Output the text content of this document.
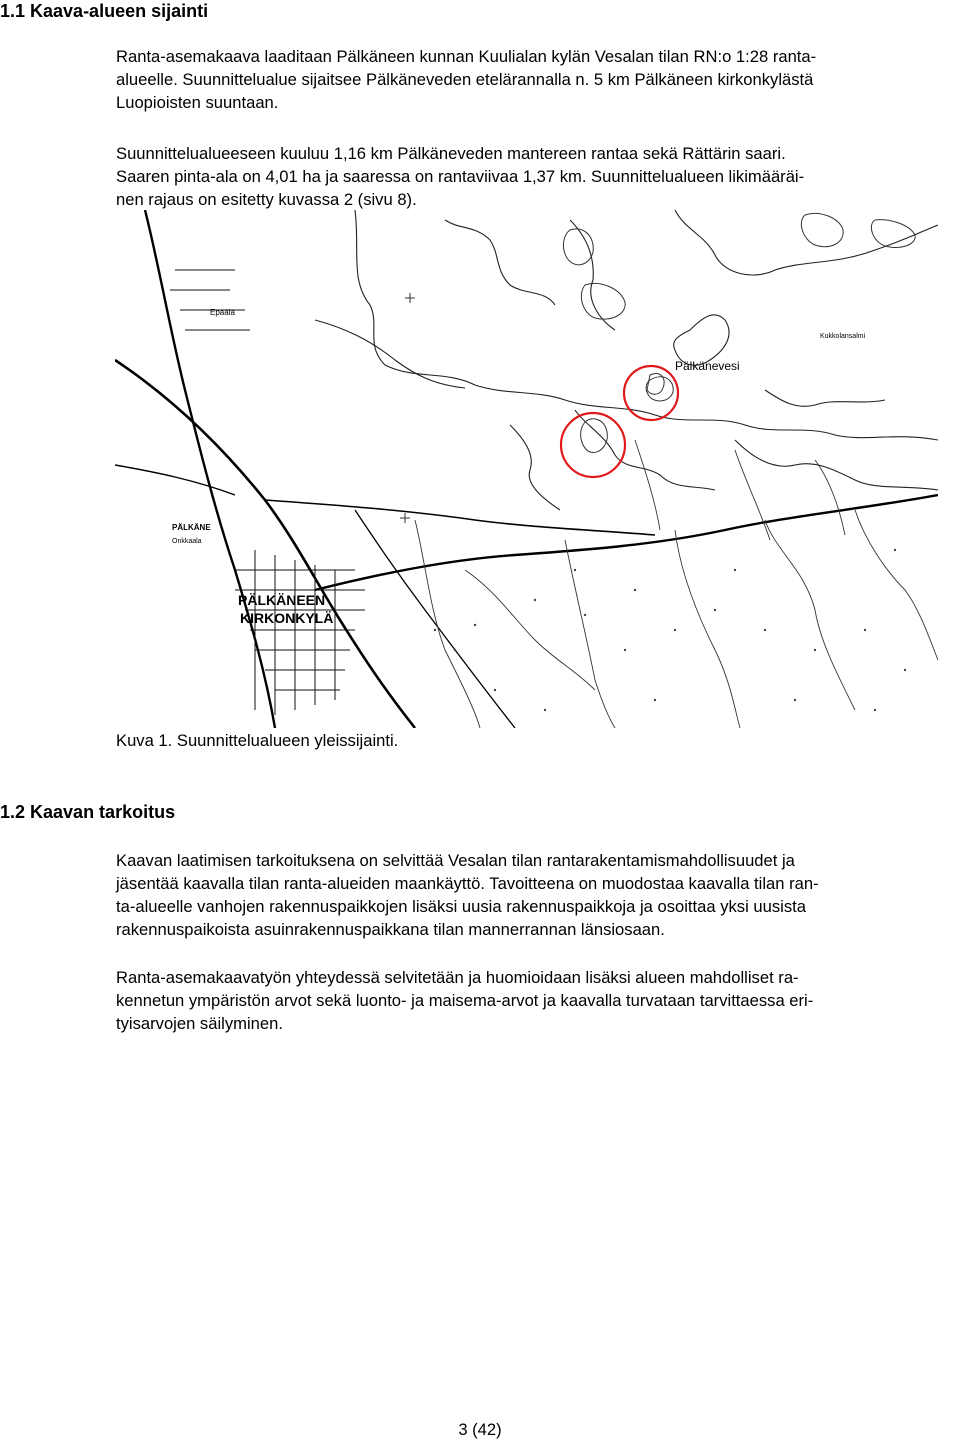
1.1 Kaava-alueen sijainti

Ranta-asemakaava laaditaan Pälkäneen kunnan Kuulialan kylän Vesalan tilan RN:o 1:28 ranta-
alueelle. Suunnittelualue sijaitsee Pälkäneveden etelärannalla n. 5 km Pälkäneen kirkonkylästä
Luopioisten suuntaan.

Suunnittelualueeseen kuuluu 1,16 km Pälkäneveden mantereen rantaa sekä Rättärin saari.
Saaren pinta-ala on 4,01 ha ja saaressa on rantaviivaa 1,37 km. Suunnittelualueen likimääräi-
nen rajaus on esitetty kuvassa 2 (sivu 8).

Pälkänevesi
PÄLKÄNEEN
KIRKONKYLÄ
PÄLKÄNE
Onkkaala
Epaala
Kukkolansalmi

Kuva 1. Suunnittelualueen yleissijainti.

1.2 Kaavan tarkoitus

Kaavan laatimisen tarkoituksena on selvittää Vesalan tilan rantarakentamismahdollisuudet ja
jäsentää kaavalla tilan ranta-alueiden maankäyttö. Tavoitteena on muodostaa kaavalla tilan ran-
ta-alueelle vanhojen rakennuspaikkojen lisäksi uusia rakennuspaikkoja ja osoittaa yksi uusista
rakennuspaikoista asuinrakennuspaikkana tilan mannerrannan länsiosaan.

Ranta-asemakaavatyön yhteydessä selvitetään ja huomioidaan lisäksi alueen mahdolliset ra-
kennetun ympäristön arvot sekä luonto- ja maisema-arvot ja kaavalla turvataan tarvittaessa eri-
tyisarvojen säilyminen.

3 (42)
